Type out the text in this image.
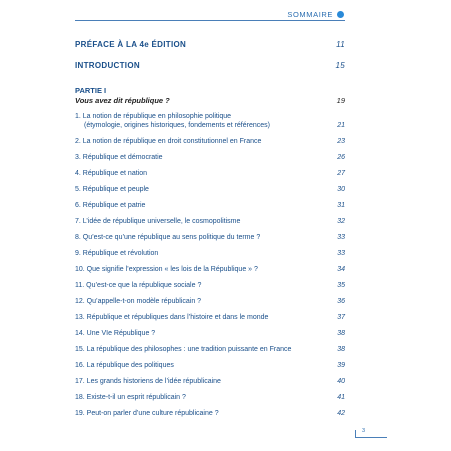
SOMMAIRE
PRÉFACE À LA 4e ÉDITION	11
INTRODUCTION	15
PARTIE I
Vous avez dit république ?	19
1. La notion de république en philosophie politique
(étymologie, origines historiques, fondements et références)	21
2. La notion de république en droit constitutionnel en France	23
3. République et démocratie	26
4. République et nation	27
5. République et peuple	30
6. République et patrie	31
7. L’idée de république universelle, le cosmopolitisme	32
8. Qu’est-ce qu’une république au sens politique du terme ?	33
9. République et révolution	33
10. Que signifie l’expression « les lois de la République » ?	34
11. Qu’est-ce que la république sociale ?	35
12. Qu’appelle-t-on modèle républicain ?	36
13. République et républiques dans l’histoire et dans le monde	37
14. Une VIe République ?	38
15. La république des philosophes : une tradition puissante en France	38
16. La république des politiques	39
17. Les grands historiens de l’idée républicaine	40
18. Existe-t-il un esprit républicain ?	41
19. Peut-on parler d’une culture républicaine ?	42
3
